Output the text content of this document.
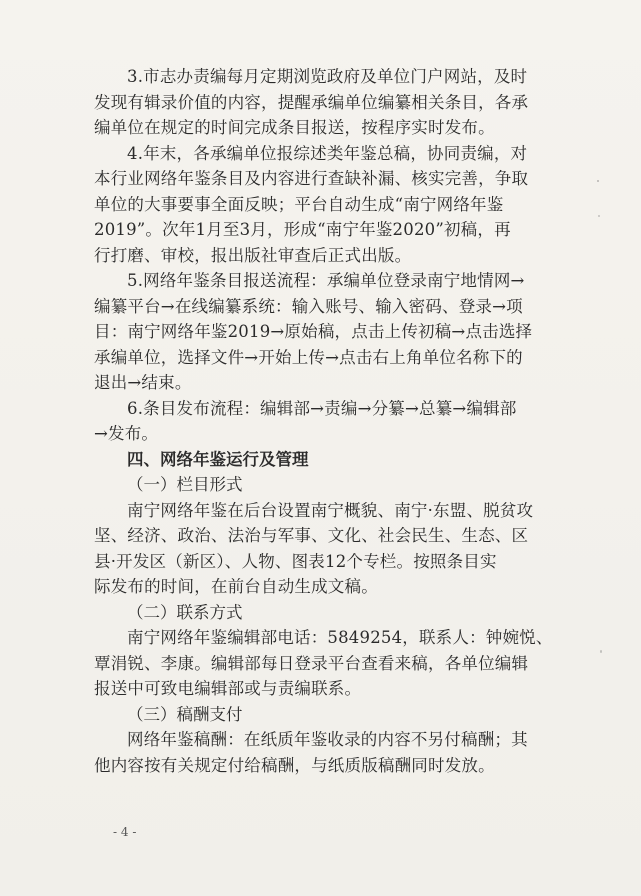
3.市志办责编每月定期浏览政府及单位门户网站，及时
发现有辑录价值的内容，提醒承编单位编纂相关条目，各承
编单位在规定的时间完成条目报送，按程序实时发布。

4.年末，各承编单位报综述类年鉴总稿，协同责编，对
本行业网络年鉴条目及内容进行查缺补漏、核实完善，争取
单位的大事要事全面反映；平台自动生成“南宁网络年鉴
2019”。次年1月至3月，形成“南宁年鉴2020”初稿，再
行打磨、审校，报出版社审查后正式出版。

5.网络年鉴条目报送流程：承编单位登录南宁地情网→
编纂平台→在线编纂系统：输入账号、输入密码、登录→项
目：南宁网络年鉴2019→原始稿，点击上传初稿→点击选择
承编单位，选择文件→开始上传→点击右上角单位名称下的
退出→结束。

6.条目发布流程：编辑部→责编→分纂→总纂→编辑部
→发布。

四、网络年鉴运行及管理

（一）栏目形式

南宁网络年鉴在后台设置南宁概貌、南宁·东盟、脱贫攻
坚、经济、政治、法治与军事、文化、社会民生、生态、区
县·开发区（新区）、人物、图表12个专栏。按照条目实
际发布的时间，在前台自动生成文稿。

（二）联系方式

南宁网络年鉴编辑部电话：5849254，联系人：钟婉悦、
覃涓锐、李康。编辑部每日登录平台查看来稿，各单位编辑
报送中可致电编辑部或与责编联系。

（三）稿酬支付

网络年鉴稿酬：在纸质年鉴收录的内容不另付稿酬；其
他内容按有关规定付给稿酬，与纸质版稿酬同时发放。

- 4 -
